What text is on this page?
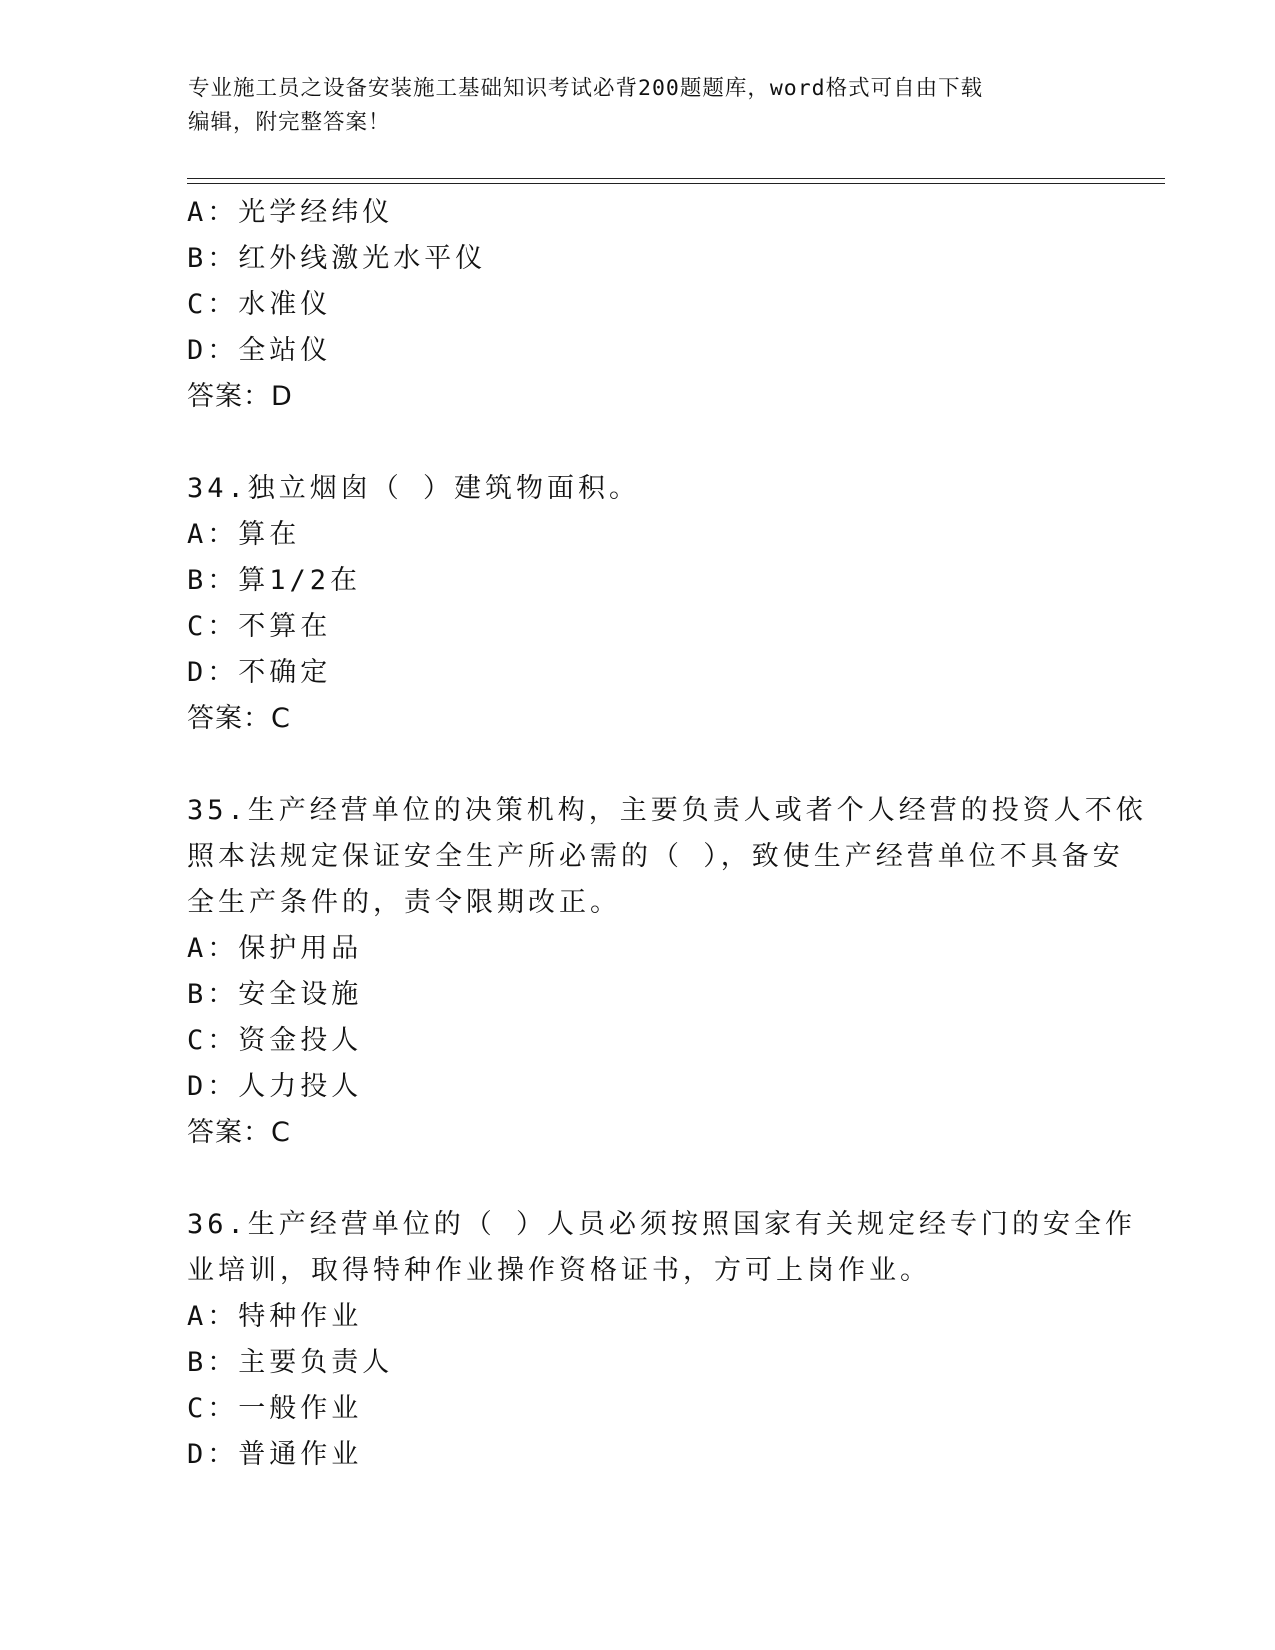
专业施工员之设备安装施工基础知识考试必背200题题库，word格式可自由下载
编辑，附完整答案！
A：光学经纬仪
B：红外线激光水平仪
C：水准仪
D：全站仪
答案：D
34.独立烟囱（ ）建筑物面积。
A：算在
B：算1/2在
C：不算在
D：不确定
答案：C
35.生产经营单位的决策机构，主要负责人或者个人经营的投资人不依
照本法规定保证安全生产所必需的（ ），致使生产经营单位不具备安
全生产条件的，责令限期改正。
A：保护用品
B：安全设施
C：资金投人
D：人力投人
答案：C
36.生产经营单位的（ ）人员必须按照国家有关规定经专门的安全作
业培训，取得特种作业操作资格证书，方可上岗作业。
A：特种作业
B：主要负责人
C：一般作业
D：普通作业
